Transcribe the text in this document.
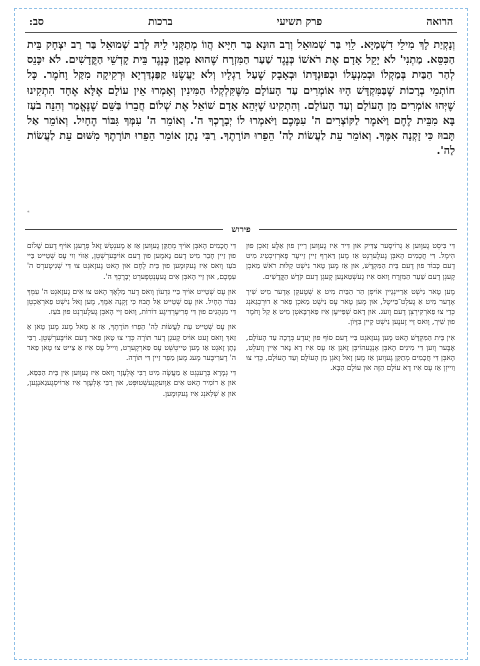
הרואה
פרק תשיעי
ברכות
סב:
וְנָקְיַת לָךְ מִילֵי דִשְׁמַיָּא. לֵוִי בַּר שְׁמוּאֵל וְרַב הוּנָא בַּר חִיָּיא הֲווֹ מְתַקְּנִי לֵיהּ לְרַב שְׁמוּאֵל בַּר רַב יִצְחָק בֵּית הַכִּסֵּא. מַתְנִי' לֹא יָקֵל אָדָם אֶת רֹאשׁוֹ כְּנֶגֶד שַׁעַר הַמִּזְרָח שֶׁהוּא מְכֻוָּן כְּנֶגֶד בֵּית קָדְשֵׁי הַקֳּדָשִׁים. לֹא יִכָּנֵס לְהַר הַבַּיִת בְּמַקְלוֹ וּבְמִנְעָלוֹ וּבְפוּנְדָּתוֹ וּבְאָבָק שֶׁעַל רַגְלָיו וְלֹא יַעֲשֶׂנּוּ קַפַּנְדַּרְיָא וּרְקִיקָה מִקַּל וָחֹמֶר. כָּל חוֹתְמֵי בְרָכוֹת שֶׁבַּמִּקְדָּשׁ הָיוּ אוֹמְרִים עַד הָעוֹלָם מִשֶּׁקִּלְקְלוּ הַמִּינִין וְאָמְרוּ אֵין עוֹלָם אֶלָּא אֶחָד הִתְקִינוּ שֶׁיְּהוּ אוֹמְרִים מִן הָעוֹלָם וְעַד הָעוֹלָם. וְהִתְקִינוּ שֶׁיְּהֵא אָדָם שׁוֹאֵל אֶת שְׁלוֹם חֲבֵרוֹ בַּשֵּׁם שֶׁנֶּאֱמַר וְהִנֵּה בֹעַז בָּא מִבֵּית לֶחֶם וַיֹּאמֶר לַקּוֹצְרִים ה' עִמָּכֶם וַיֹּאמְרוּ לוֹ יְבָרֶכְךָ ה'. וְאוֹמֵר ה' עִמְּךָ גִּבּוֹר הֶחָיִל. וְאוֹמֵר אַל תָּבוּז כִּי זָקְנָה אִמֶּךָ. וְאוֹמֵר עֵת לַעֲשׂוֹת לַה' הֵפֵרוּ תּוֹרָתֶךָ. רַבִּי נָתָן אוֹמֵר הֵפֵרוּ תּוֹרָתֶךָ מִשּׁוּם עֵת לַעֲשׂוֹת לַה'.
*
פירוש

דִּי בִּיסְט גֶעוֶוען אַ גְרוֹיסֶער צַדִּיק אוּן דִּיר אִיז גֶעוֶוען רֵיין פוּן אַלֶע זַאכְן פוּן הִימֶל. דִּי חֲכָמִים הָאבְּן גֶעלֶערְנְט אַז מֶען דַּארְף זַיין זֵייעֶר פָארְזִיכְטִיג מִיט דֶעם כָּבוֹד פוּן דֶעם בֵּית הַמִּקְדָּשׁ, אוּן אַז מֶען טָאר נִישְׁט קַלּוּת רֹאשׁ מַאכְן קֶעגְן דֶעם שַׁעַר הַמִּזְרָח וָואס אִיז גֶעשְׁטַאנֶען קֶעגְן דֶעם קֹדֶשׁ הַקֳּדָשִׁים.

מֶען טָאר נִישְׁט אַרַיינְגֵיין אוֹיפְן הַר הַבַּיִת מִיט אַ שְׁטֶעקְן אָדֶער מִיט שִׁיך אָדֶער מִיט אַ גֶעלְט־בַּייטֶל, אוּן מֶען טָאר עֶס נִישְׁט מַאכְן פַאר אַ דוּרְכְגַאנְג כְּדֵי צוּ פַארְקִירְצְן דֶעם וֶועג. אוּן דָאס שְׁפַּייעֶן אִיז פַארְבָּאטְן מִיט אַ קַל וָחֹמֶר פוּן שִׁיך, וָואס זֵיי זֶענֶען נִישְׁט קֵיין בִּזָּיוֹן.

אִין בֵּית הַמִּקְדָּשׁ הָאט מֶען גֶעזָאגְט בַּיי דֶעם סוֹף פוּן יֶעדֶע בְּרָכָה עַד הָעוֹלָם, אָבֶּער וֶוען דִּי מִינִים הָאבְּן אָנְגֶעהוֹיבְּן זָאגְן אַז עֶס אִיז דָא נָאר אֵיין וֶועלְט, הָאבְּן דִּי חֲכָמִים מְתַקֵּן גֶעוֶוען אַז מֶען זָאל זָאגְן מִן הָעוֹלָם וְעַד הָעוֹלָם, כְּדֵי צוּ וַוייזְן אַז עֶס אִיז דָא עוֹלָם הַזֶּה אוּן עוֹלָם הַבָּא.

דִּי חֲכָמִים הָאבְּן אוֹיךְ מְתַקֵּן גֶעוֶוען אַז אַ מֶענְטְשׁ זָאל פְרֶעגְן אוֹיף דֶעם שָׁלוֹם פוּן זַיין חָבֵר מִיט דֶעם נָאמֶען פוּן דֶעם אוֹיבֶּערְשְׁטְן, אַזוֹי וִוי עֶס שְׁטֵייט בַּיי בֹּעַז וָואס אִיז גֶעקוּמֶען פוּן בֵּית לֶחֶם אוּן הָאט גֶעזָאגְט צוּ דִּי שְׁנִיטֶערְס ה' עִמָּכֶם, אוּן זֵיי הָאבְּן אִים גֶעעֶנְטְפֶערְט יְבָרֶכְךָ ה'.

אוּן עֶס שְׁטֵייט אוֹיךְ בַּיי גִּדְעוֹן וָואס דֶער מַלְאָךְ הָאט צוּ אִים גֶעזָאגְט ה' עִמְּךָ גִּבּוֹר הֶחָיִל. אוּן עֶס שְׁטֵייט אַל תָּבוּז כִּי זָקְנָה אִמֶּךָ, מֶען זָאל נִישְׁט פַארְאַכְטְן דִּי מִנְהָגִים פוּן דִּי פְרִיעֶרְדִּיגֶע דוֹרוֹת, וָואס זֵיי הָאבְּן גֶעלֶערְנְט פוּן בֹּעַז.

אוּן עֶס שְׁטֵייט עֵת לַעֲשׂוֹת לַה' הֵפֵרוּ תּוֹרָתֶךָ, אַז אַ מָאל מֶעג מֶען טָאן אַ זַאךְ וָואס זֶעט אוֹיס קֶעגְן דֶער תּוֹרָה כְּדֵי צוּ טָאן פַאר דֶעם אוֹיבֶּערְשְׁטְן. רַבִּי נָתָן זָאגְט אַז מֶען טַייטְשְׁט עֶס פַארְקֶערְט, וַוייל עֶס אִיז אַ צַייט צוּ טָאן פַאר ה' דֶערִיבֶּער מֶעג מֶען מַפֵר זַיין דִּי תּוֹרָה.

דִּי גְמָרָא בְּרֶענְגְט אַ מַעֲשֶׂה מִיט רַבִּי אֶלְעָזָר וָואס אִיז גֶעוֶוען אִין בֵּית הַכִּסֵּא, אוּן אַ רוֹמִיר הָאט אִים אַוֶועקְגֶעשְׁטוּפְּט, אוּן רַבִּי אֶלְעָזָר אִיז אַרוֹיסְגֶעגַאנְגֶען, אוּן אַ שְׁלַאנְג אִיז גֶעקוּמֶען.
